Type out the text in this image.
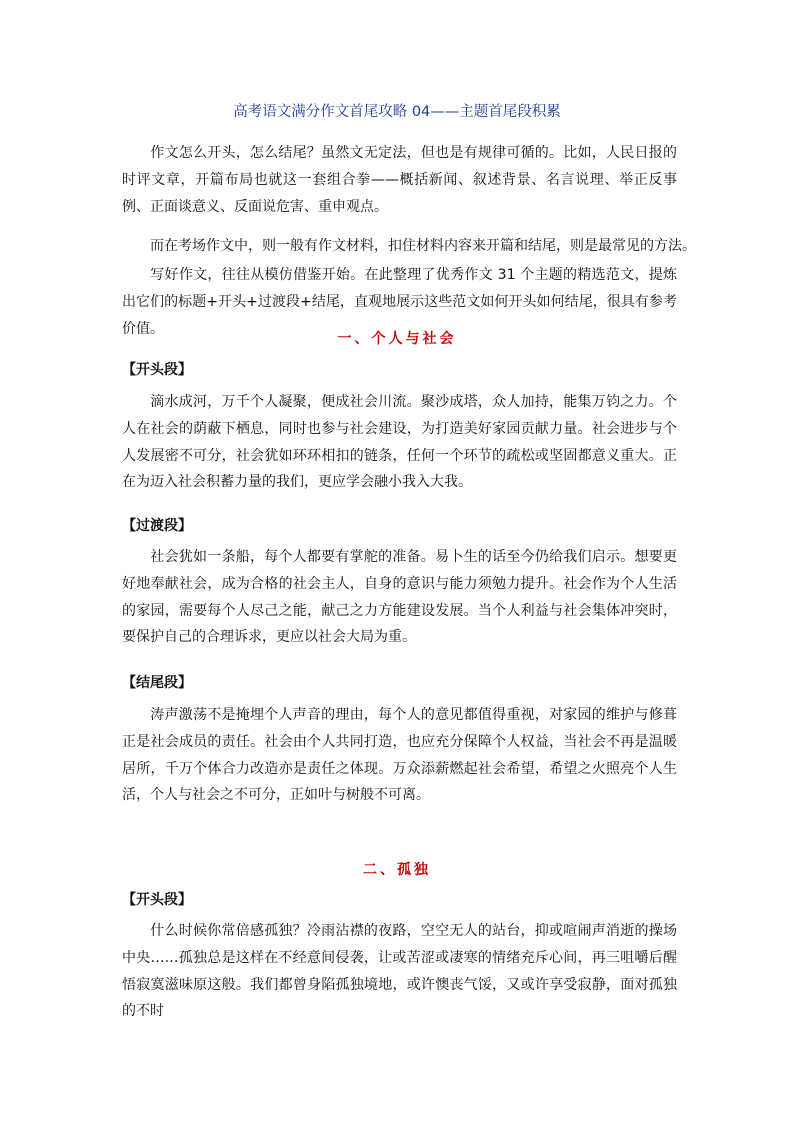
高考语文满分作文首尾攻略 04——主题首尾段积累

作文怎么开头，怎么结尾？虽然文无定法，但也是有规律可循的。比如，人民日报的时评文章，开篇布局也就这一套组合拳——概括新闻、叙述背景、名言说理、举正反事例、正面谈意义、反面说危害、重申观点。

而在考场作文中，则一般有作文材料，扣住材料内容来开篇和结尾，则是最常见的方法。

写好作文，往往从模仿借鉴开始。在此整理了优秀作文 31 个主题的精选范文，提炼出它们的标题+开头+过渡段+结尾，直观地展示这些范文如何开头如何结尾，很具有参考价值。

一、个人与社会
【开头段】

滴水成河，万千个人凝聚，便成社会川流。聚沙成塔，众人加持，能集万钧之力。个人在社会的荫蔽下栖息，同时也参与社会建设，为打造美好家园贡献力量。社会进步与个人发展密不可分，社会犹如环环相扣的链条，任何一个环节的疏松或坚固都意义重大。正在为迈入社会积蓄力量的我们，更应学会融小我入大我。

【过渡段】

社会犹如一条船，每个人都要有掌舵的准备。易卜生的话至今仍给我们启示。想要更好地奉献社会，成为合格的社会主人，自身的意识与能力须勉力提升。社会作为个人生活的家园，需要每个人尽己之能，献己之力方能建设发展。当个人利益与社会集体冲突时，要保护自己的合理诉求，更应以社会大局为重。

【结尾段】

涛声激荡不是掩埋个人声音的理由，每个人的意见都值得重视，对家园的维护与修葺正是社会成员的责任。社会由个人共同打造，也应充分保障个人权益，当社会不再是温暖居所，千万个体合力改造亦是责任之体现。万众添薪燃起社会希望，希望之火照亮个人生活，个人与社会之不可分，正如叶与树般不可离。

二、孤独
【开头段】

什么时候你常倍感孤独？冷雨沾襟的夜路，空空无人的站台，抑或喧闹声消逝的操场中央……孤独总是这样在不经意间侵袭，让或苦涩或凄寒的情绪充斥心间，再三咀嚼后醒悟寂寞滋味原这般。我们都曾身陷孤独境地，或许懊丧气馁，又或许享受寂静，面对孤独的不时
